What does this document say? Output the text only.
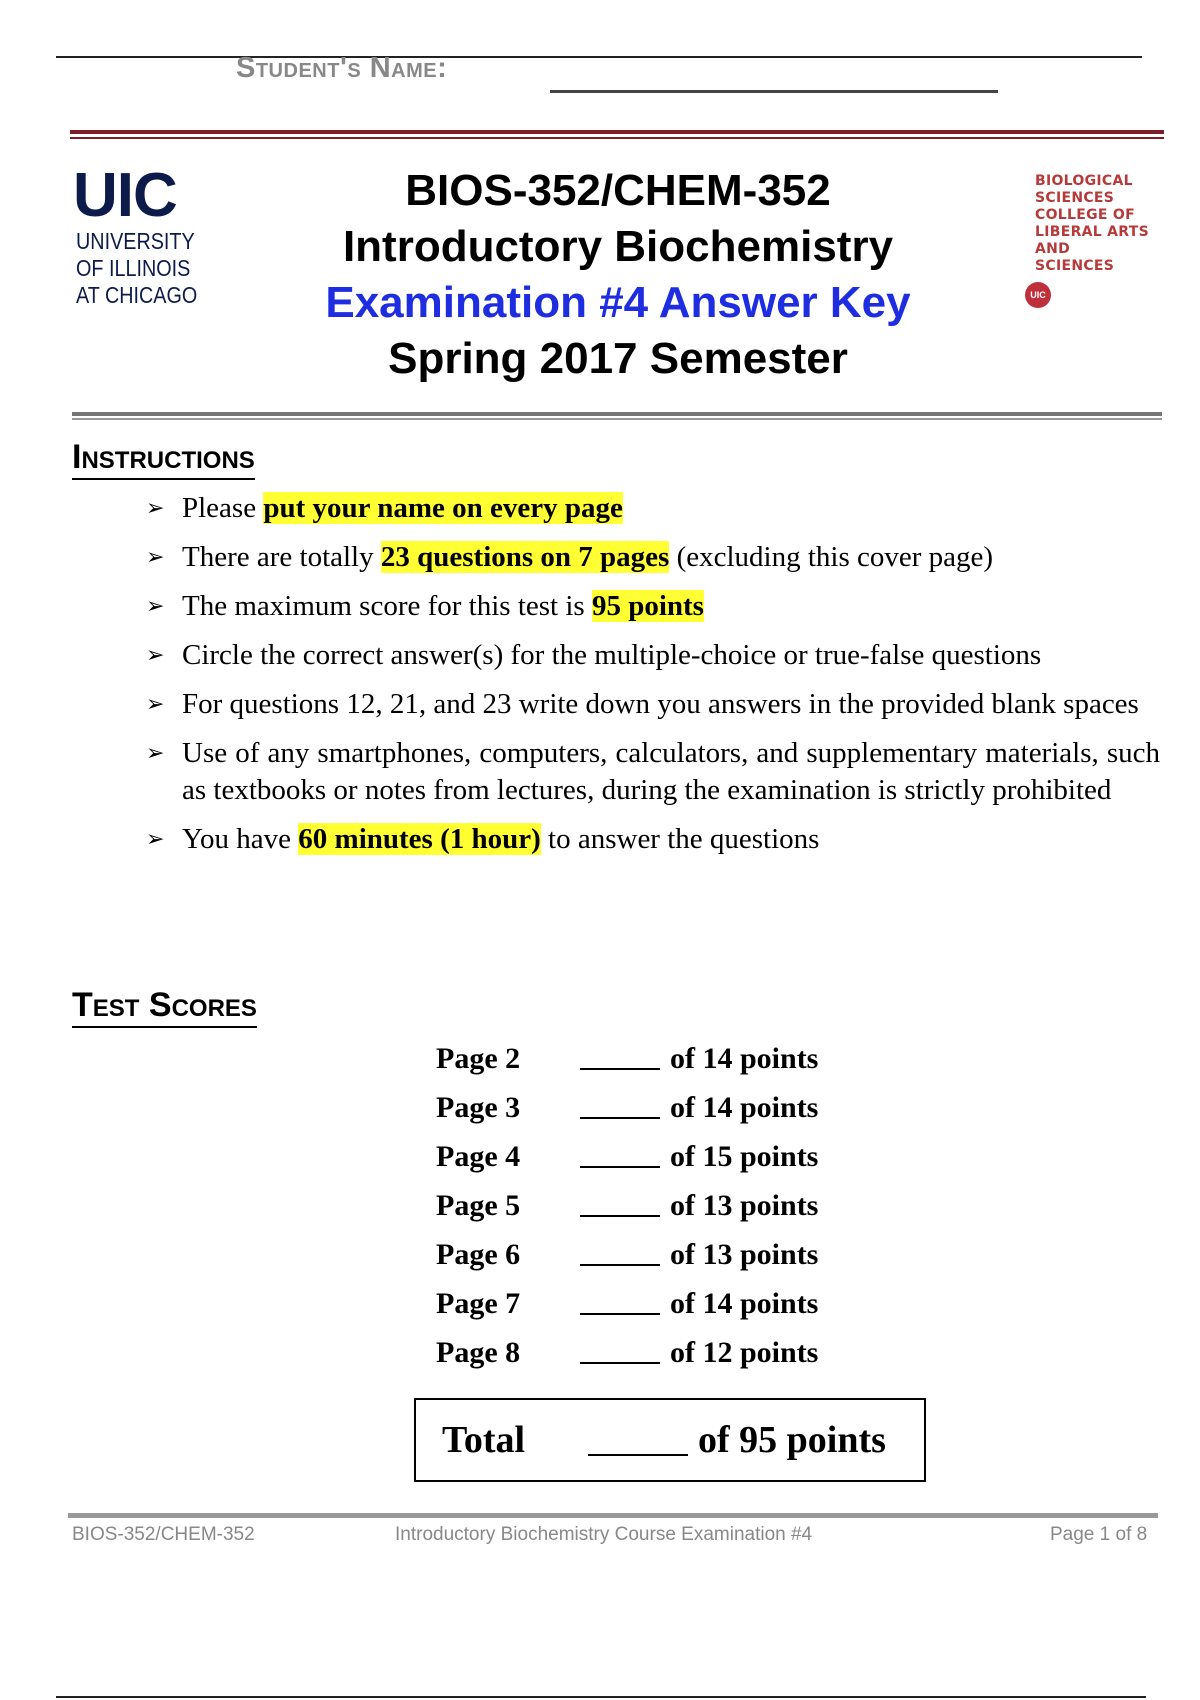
Student's Name:
UIC
UNIVERSITY
OF ILLINOIS
AT CHICAGO
BIOS-352/CHEM-352
Introductory Biochemistry
Examination #4 Answer Key
Spring 2017 Semester
BIOLOGICAL
SCIENCES
COLLEGE OF
LIBERAL ARTS
AND
SCIENCES
UIC
Instructions
➢ Please put your name on every page
➢ There are totally 23 questions on 7 pages (excluding this cover page)
➢ The maximum score for this test is 95 points
➢ Circle the correct answer(s) for the multiple-choice or true-false questions
➢ For questions 12, 21, and 23 write down you answers in the provided blank spaces
➢ Use of any smartphones, computers, calculators, and supplementary materials, such as textbooks or notes from lectures, during the examination is strictly prohibited
➢ You have 60 minutes (1 hour) to answer the questions
Test Scores
Page 2	of 14 points
Page 3	of 14 points
Page 4	of 15 points
Page 5	of 13 points
Page 6	of 13 points
Page 7	of 14 points
Page 8	of 12 points
Total	of 95 points
BIOS-352/CHEM-352	Introductory Biochemistry Course Examination #4	Page 1 of 8
